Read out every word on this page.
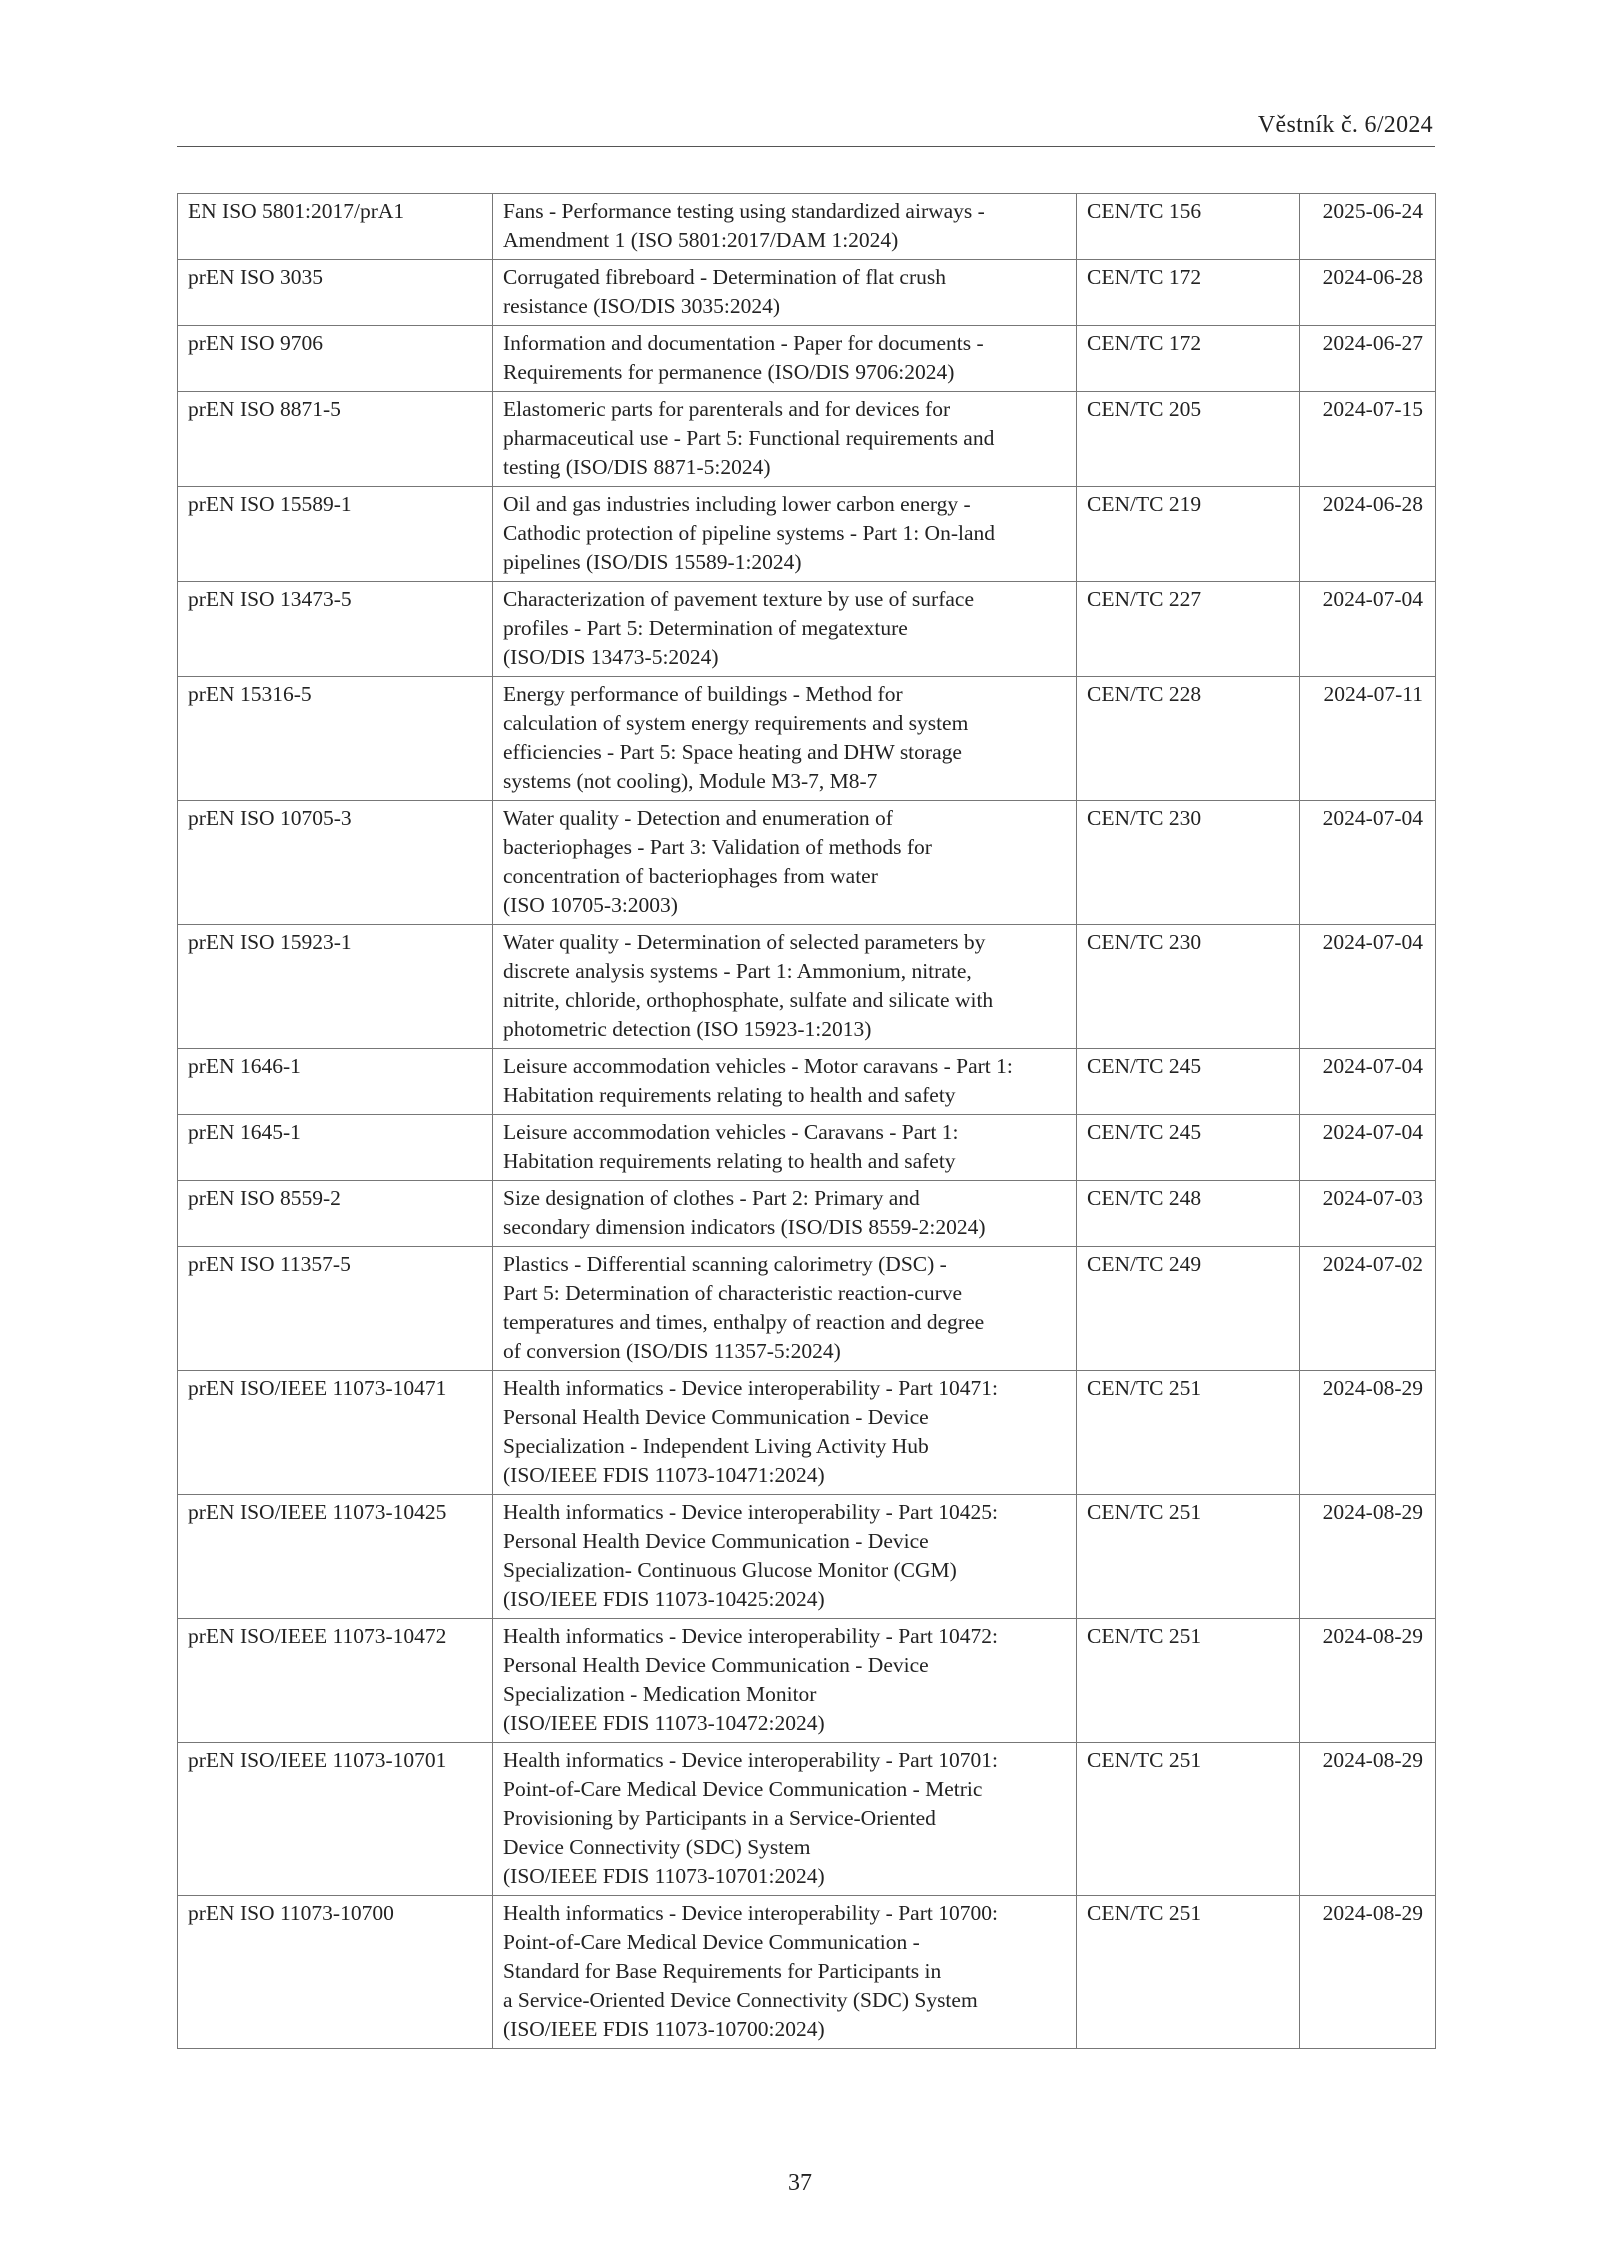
Věstník č. 6/2024
EN ISO 5801:2017/prA1	Fans - Performance testing using standardized airways -
Amendment 1 (ISO 5801:2017/DAM 1:2024)	CEN/TC 156	2025-06-24
prEN ISO 3035	Corrugated fibreboard - Determination of flat crush
resistance (ISO/DIS 3035:2024)	CEN/TC 172	2024-06-28
prEN ISO 9706	Information and documentation - Paper for documents -
Requirements for permanence (ISO/DIS 9706:2024)	CEN/TC 172	2024-06-27
prEN ISO 8871-5	Elastomeric parts for parenterals and for devices for
pharmaceutical use - Part 5: Functional requirements and
testing (ISO/DIS 8871-5:2024)	CEN/TC 205	2024-07-15
prEN ISO 15589-1	Oil and gas industries including lower carbon energy -
Cathodic protection of pipeline systems - Part 1: On-land
pipelines (ISO/DIS 15589-1:2024)	CEN/TC 219	2024-06-28
prEN ISO 13473-5	Characterization of pavement texture by use of surface
profiles - Part 5: Determination of megatexture
(ISO/DIS 13473-5:2024)	CEN/TC 227	2024-07-04
prEN 15316-5	Energy performance of buildings - Method for
calculation of system energy requirements and system
efficiencies - Part 5: Space heating and DHW storage
systems (not cooling), Module M3-7, M8-7	CEN/TC 228	2024-07-11
prEN ISO 10705-3	Water quality - Detection and enumeration of
bacteriophages - Part 3: Validation of methods for
concentration of bacteriophages from water
(ISO 10705-3:2003)	CEN/TC 230	2024-07-04
prEN ISO 15923-1	Water quality - Determination of selected parameters by
discrete analysis systems - Part 1: Ammonium, nitrate,
nitrite, chloride, orthophosphate, sulfate and silicate with
photometric detection (ISO 15923-1:2013)	CEN/TC 230	2024-07-04
prEN 1646-1	Leisure accommodation vehicles - Motor caravans - Part 1:
Habitation requirements relating to health and safety	CEN/TC 245	2024-07-04
prEN 1645-1	Leisure accommodation vehicles - Caravans - Part 1:
Habitation requirements relating to health and safety	CEN/TC 245	2024-07-04
prEN ISO 8559-2	Size designation of clothes - Part 2: Primary and
secondary dimension indicators (ISO/DIS 8559-2:2024)	CEN/TC 248	2024-07-03
prEN ISO 11357-5	Plastics - Differential scanning calorimetry (DSC) -
Part 5: Determination of characteristic reaction-curve
temperatures and times, enthalpy of reaction and degree
of conversion (ISO/DIS 11357-5:2024)	CEN/TC 249	2024-07-02
prEN ISO/IEEE 11073-10471	Health informatics - Device interoperability - Part 10471:
Personal Health Device Communication - Device
Specialization - Independent Living Activity Hub
(ISO/IEEE FDIS 11073-10471:2024)	CEN/TC 251	2024-08-29
prEN ISO/IEEE 11073-10425	Health informatics - Device interoperability - Part 10425:
Personal Health Device Communication - Device
Specialization- Continuous Glucose Monitor (CGM)
(ISO/IEEE FDIS 11073-10425:2024)	CEN/TC 251	2024-08-29
prEN ISO/IEEE 11073-10472	Health informatics - Device interoperability - Part 10472:
Personal Health Device Communication - Device
Specialization - Medication Monitor
(ISO/IEEE FDIS 11073-10472:2024)	CEN/TC 251	2024-08-29
prEN ISO/IEEE 11073-10701	Health informatics - Device interoperability - Part 10701:
Point-of-Care Medical Device Communication - Metric
Provisioning by Participants in a Service-Oriented
Device Connectivity (SDC) System
(ISO/IEEE FDIS 11073-10701:2024)	CEN/TC 251	2024-08-29
prEN ISO 11073-10700	Health informatics - Device interoperability - Part 10700:
Point-of-Care Medical Device Communication -
Standard for Base Requirements for Participants in
a Service-Oriented Device Connectivity (SDC) System
(ISO/IEEE FDIS 11073-10700:2024)	CEN/TC 251	2024-08-29
37
